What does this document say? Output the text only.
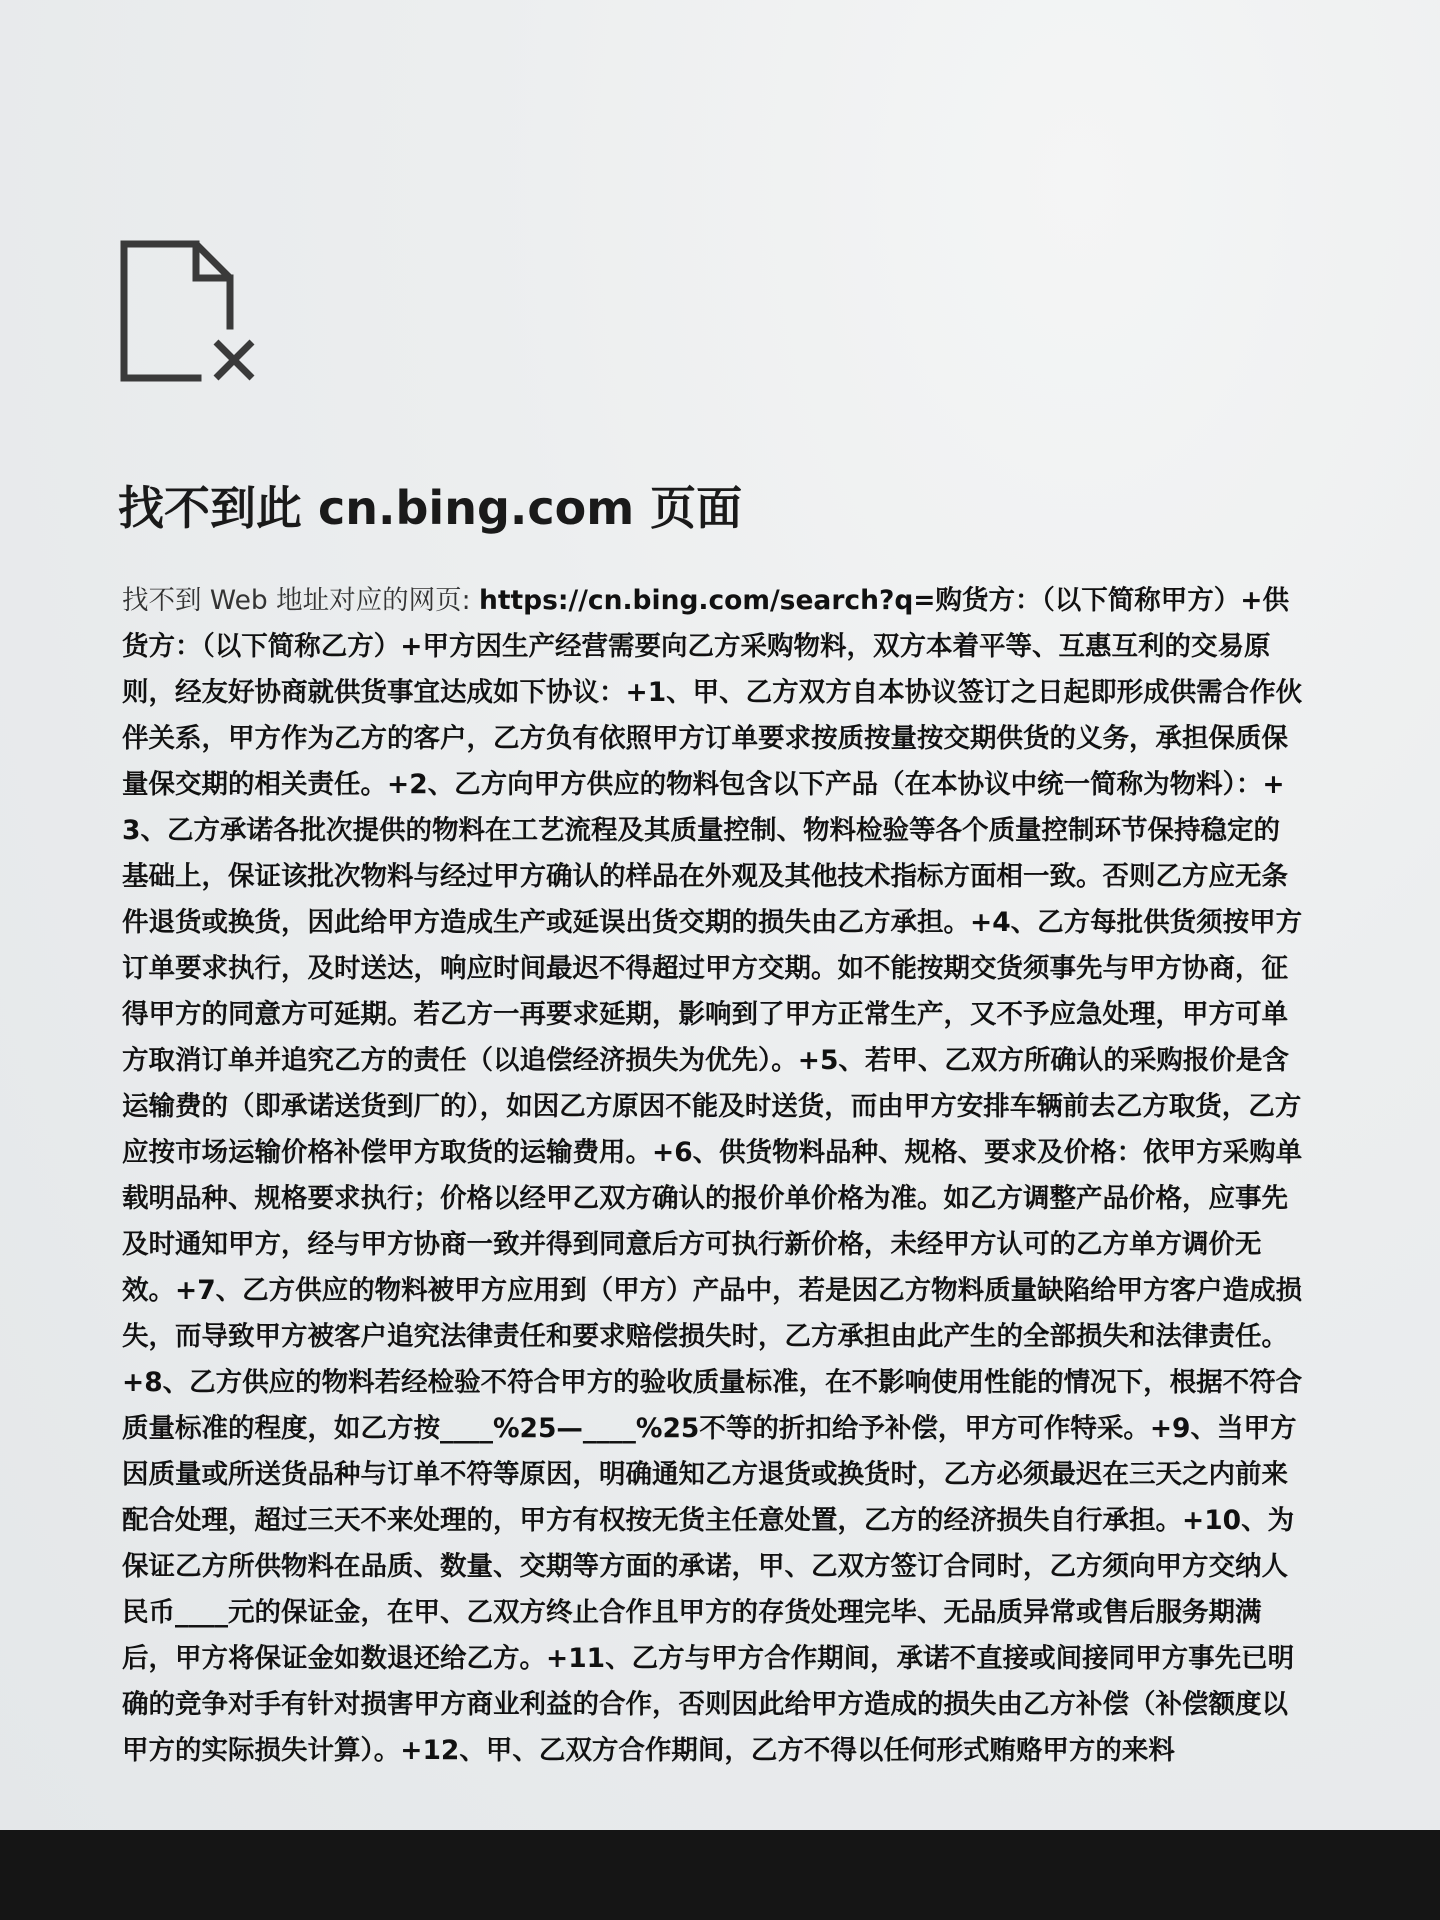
找不到此 cn.bing.com 页面

找不到 Web 地址对应的网页: https://cn.bing.com/search?q=购货方：（以下简称甲方）+供货方：（以下简称乙方）+甲方因生产经营需要向乙方采购物料，双方本着平等、互惠互利的交易原则，经友好协商就供货事宜达成如下协议：+1、甲、乙方双方自本协议签订之日起即形成供需合作伙伴关系，甲方作为乙方的客户，乙方负有依照甲方订单要求按质按量按交期供货的义务，承担保质保量保交期的相关责任。+2、乙方向甲方供应的物料包含以下产品（在本协议中统一简称为物料）：+3、乙方承诺各批次提供的物料在工艺流程及其质量控制、物料检验等各个质量控制环节保持稳定的基础上，保证该批次物料与经过甲方确认的样品在外观及其他技术指标方面相一致。否则乙方应无条件退货或换货，因此给甲方造成生产或延误出货交期的损失由乙方承担。+4、乙方每批供货须按甲方订单要求执行，及时送达，响应时间最迟不得超过甲方交期。如不能按期交货须事先与甲方协商，征得甲方的同意方可延期。若乙方一再要求延期，影响到了甲方正常生产，又不予应急处理，甲方可单方取消订单并追究乙方的责任（以追偿经济损失为优先）。+5、若甲、乙双方所确认的采购报价是含运输费的（即承诺送货到厂的），如因乙方原因不能及时送货，而由甲方安排车辆前去乙方取货，乙方应按市场运输价格补偿甲方取货的运输费用。+6、供货物料品种、规格、要求及价格：依甲方采购单载明品种、规格要求执行；价格以经甲乙双方确认的报价单价格为准。如乙方调整产品价格，应事先及时通知甲方，经与甲方协商一致并得到同意后方可执行新价格，未经甲方认可的乙方单方调价无效。+7、乙方供应的物料被甲方应用到（甲方）产品中，若是因乙方物料质量缺陷给甲方客户造成损失，而导致甲方被客户追究法律责任和要求赔偿损失时，乙方承担由此产生的全部损失和法律责任。+8、乙方供应的物料若经检验不符合甲方的验收质量标准，在不影响使用性能的情况下，根据不符合质量标准的程度，如乙方按____%25—____%25不等的折扣给予补偿，甲方可作特采。+9、当甲方因质量或所送货品种与订单不符等原因，明确通知乙方退货或换货时，乙方必须最迟在三天之内前来配合处理，超过三天不来处理的，甲方有权按无货主任意处置，乙方的经济损失自行承担。+10、为保证乙方所供物料在品质、数量、交期等方面的承诺，甲、乙双方签订合同时，乙方须向甲方交纳人民币____元的保证金，在甲、乙双方终止合作且甲方的存货处理完毕、无品质异常或售后服务期满后，甲方将保证金如数退还给乙方。+11、乙方与甲方合作期间，承诺不直接或间接同甲方事先已明确的竞争对手有针对损害甲方商业利益的合作，否则因此给甲方造成的损失由乙方补偿（补偿额度以甲方的实际损失计算）。+12、甲、乙双方合作期间，乙方不得以任何形式贿赂甲方的来料
